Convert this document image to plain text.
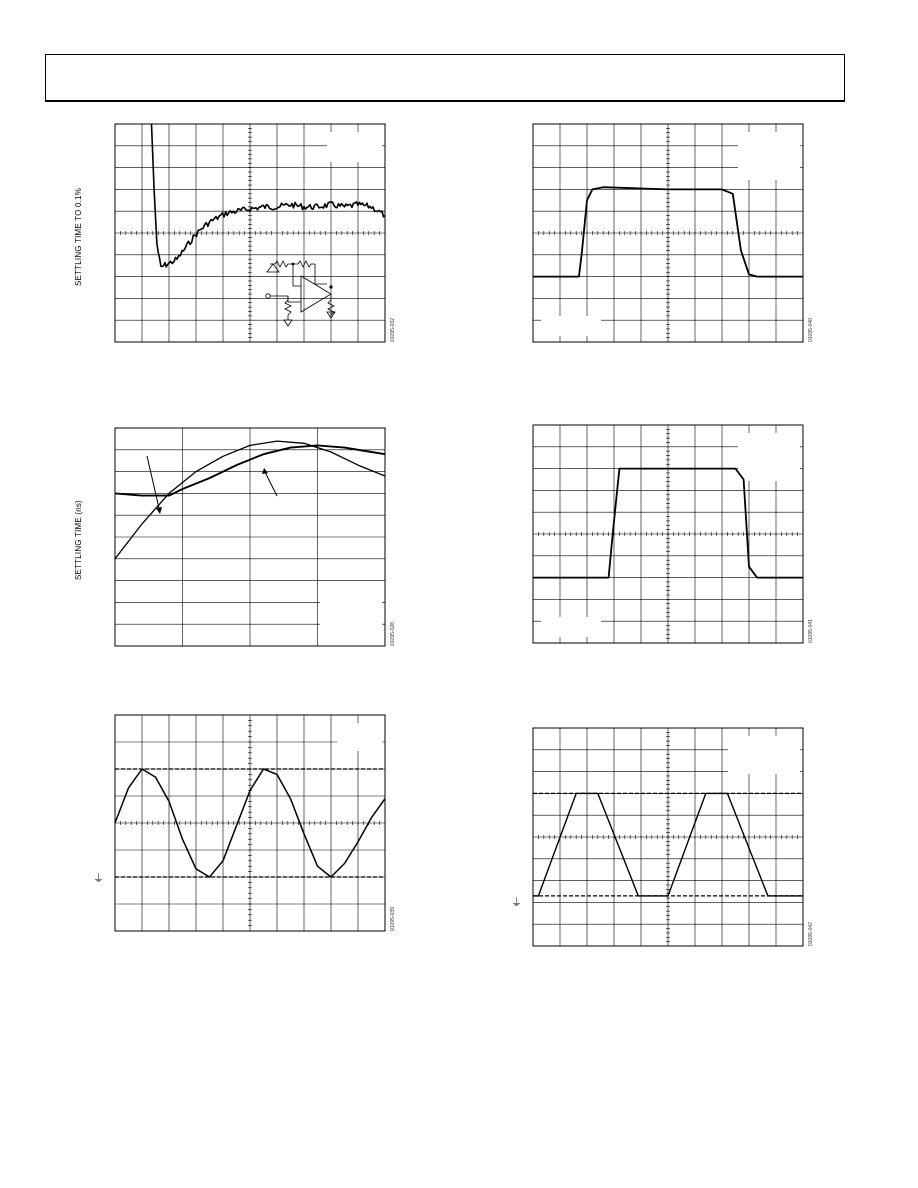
SETTLING TIME TO 0.1%
01095-032
SETTLING TIME (ns)
01095-028
⏚
01095-039
01095-040
01095-041
⏚
01095-042
